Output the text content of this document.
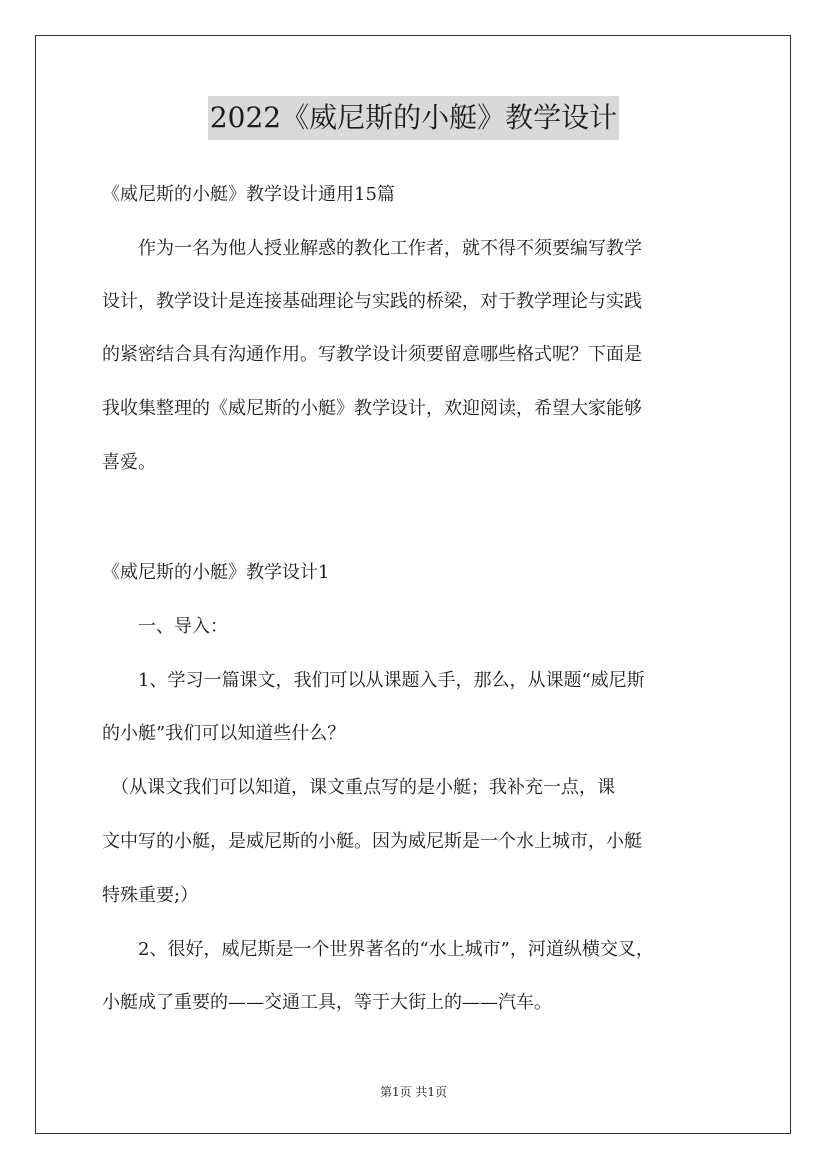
2022《威尼斯的小艇》教学设计
《威尼斯的小艇》教学设计通用15篇
　　作为一名为他人授业解惑的教化工作者，就不得不须要编写教学
设计，教学设计是连接基础理论与实践的桥梁，对于教学理论与实践
的紧密结合具有沟通作用。写教学设计须要留意哪些格式呢？下面是
我收集整理的《威尼斯的小艇》教学设计，欢迎阅读，希望大家能够
喜爱。
《威尼斯的小艇》教学设计1
　　一、导入：
　　1、学习一篇课文，我们可以从课题入手，那么，从课题“威尼斯
的小艇”我们可以知道些什么？
　（从课文我们可以知道，课文重点写的是小艇；我补充一点，课
文中写的小艇，是威尼斯的小艇。因为威尼斯是一个水上城市，小艇
特殊重要;）
　　2、很好，威尼斯是一个世界著名的“水上城市”，河道纵横交叉，
小艇成了重要的——交通工具，等于大街上的——汽车。
第1页 共1页
